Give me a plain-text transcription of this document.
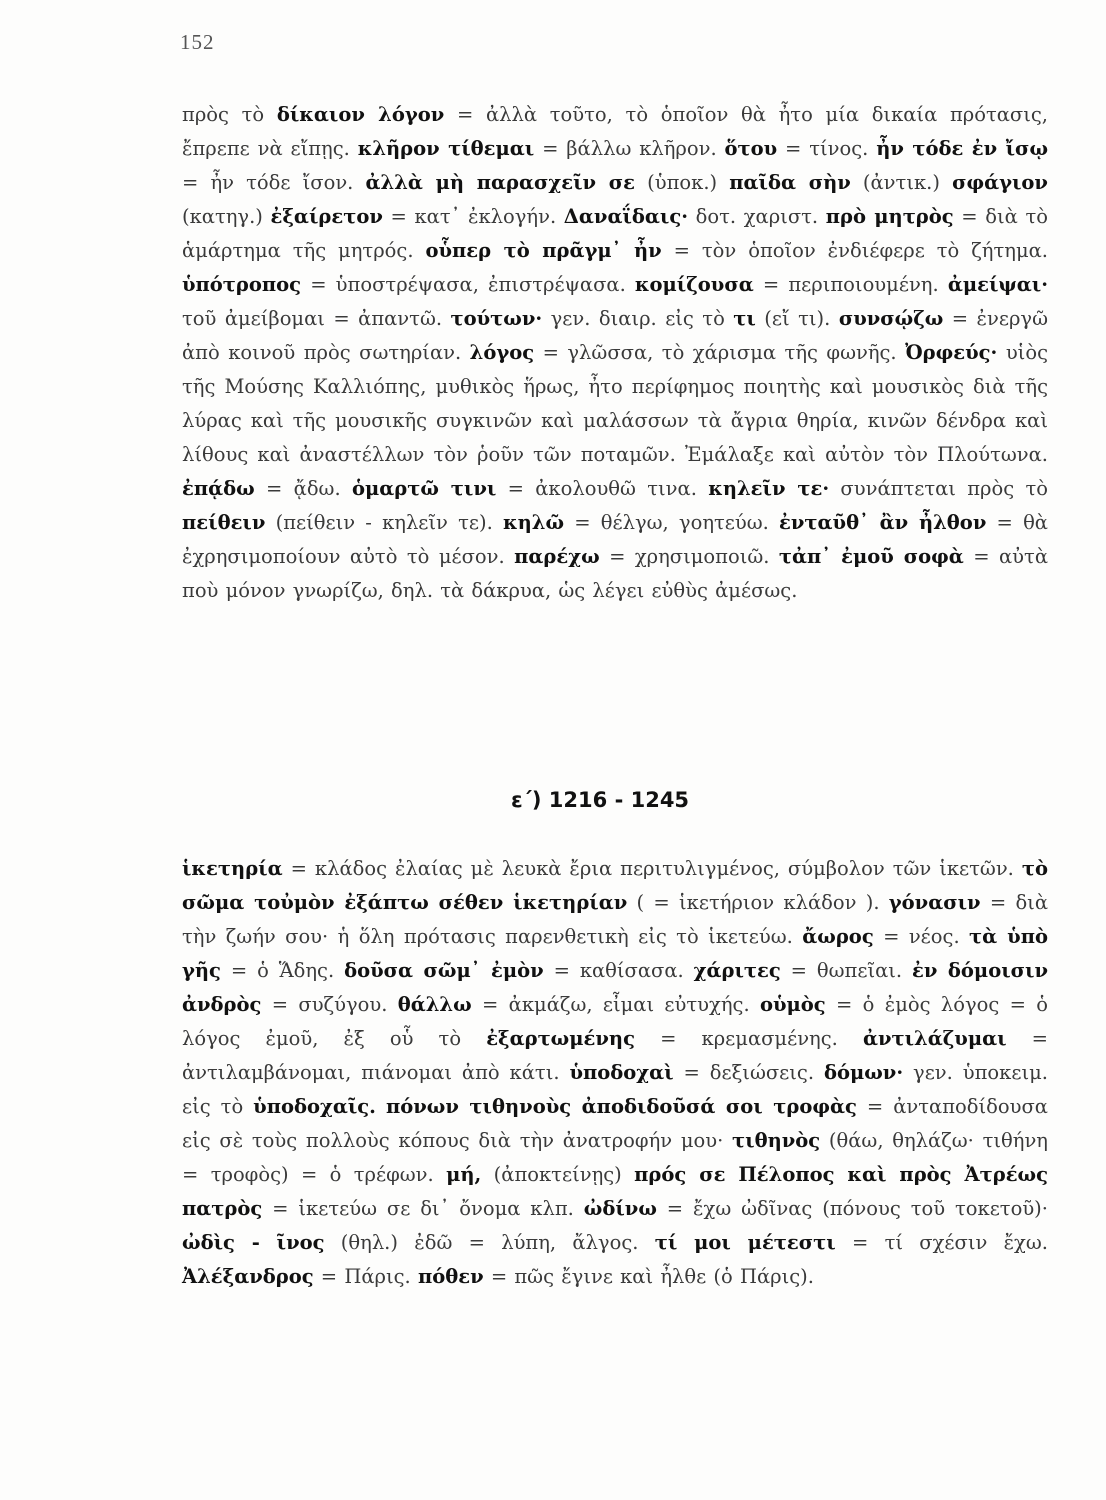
152
πρὸς τὸ δίκαιον λόγον = ἀλλὰ τοῦτο, τὸ ὁποῖον θὰ ἦτο μία δικαία πρότασις, ἔπρεπε νὰ εἴπῃς. κλῆρον τίθεμαι = βάλλω κλῆρον. ὅτου = τίνος. ἦν τόδε ἐν ἴσῳ = ἦν τόδε ἴσον. ἀλλὰ μὴ παρασχεῖν σε (ὑποκ.) παῖδα σὴν (ἀντικ.) σφάγιον (κατηγ.) ἐξαίρετον = κατ᾽ ἐκλογήν. Δαναΐδαις· δοτ. χαριστ. πρὸ μητρὸς = διὰ τὸ ἁμάρτημα τῆς μητρός. οὗπερ τὸ πρᾶγμ᾽ ἦν = τὸν ὁποῖον ἐνδιέφερε τὸ ζήτημα. ὑπότροπος = ὑποστρέψασα, ἐπιστρέψασα. κομίζουσα = περιποιουμένη. ἀμείψαι· τοῦ ἀμείβομαι = ἀπαντῶ. τούτων· γεν. διαιρ. εἰς τὸ τι (εἴ τι). συνσῴζω = ἐνεργῶ ἀπὸ κοινοῦ πρὸς σωτηρίαν. λόγος = γλῶσσα, τὸ χάρισμα τῆς φωνῆς. Ὀρφεύς· υἱὸς τῆς Μούσης Καλλιόπης, μυθικὸς ἥρως, ἦτο περίφημος ποιητὴς καὶ μουσικὸς διὰ τῆς λύρας καὶ τῆς μουσικῆς συγκινῶν καὶ μαλάσσων τὰ ἄγρια θηρία, κινῶν δένδρα καὶ λίθους καὶ ἀναστέλλων τὸν ῥοῦν τῶν ποταμῶν. Ἐμάλαξε καὶ αὐτὸν τὸν Πλούτωνα. ἐπᾴδω = ᾄδω. ὁμαρτῶ τινι = ἀκολουθῶ τινα. κηλεῖν τε· συνάπτεται πρὸς τὸ πείθειν (πείθειν - κηλεῖν τε). κηλῶ = θέλγω, γοητεύω. ἐνταῦθ᾽ ἂν ἦλθον = θὰ ἐχρησιμοποίουν αὐτὸ τὸ μέσον. παρέχω = χρησιμοποιῶ. τἀπ᾽ ἐμοῦ σοφὰ = αὐτὰ ποὺ μόνον γνωρίζω, δηλ. τὰ δάκρυα, ὡς λέγει εὐθὺς ἀμέσως.
ε΄) 1216 - 1245
ἱκετηρία = κλάδος ἐλαίας μὲ λευκὰ ἔρια περιτυλιγμένος, σύμβολον τῶν ἱκετῶν. τὸ σῶμα τοὐμὸν ἐξάπτω σέθεν ἱκετηρίαν ( = ἱκετήριον κλάδον ). γόνασιν = διὰ τὴν ζωήν σου· ἡ ὅλη πρότασις παρενθετικὴ εἰς τὸ ἱκετεύω. ἄωρος = νέος. τὰ ὑπὸ γῆς = ὁ Ἅδης. δοῦσα σῶμ᾽ ἐμὸν = καθίσασα. χάριτες = θωπεῖαι. ἐν δόμοισιν ἀνδρὸς = συζύγου. θάλλω = ἀκμάζω, εἶμαι εὐτυχής. οὑμὸς = ὁ ἐμὸς λόγος = ὁ λόγος ἐμοῦ, ἐξ οὗ τὸ ἐξαρτωμένης = κρεμασμένης. ἀντιλάζυμαι = ἀντιλαμβάνομαι, πιάνομαι ἀπὸ κάτι. ὑποδοχαὶ = δεξιώσεις. δόμων· γεν. ὑποκειμ. εἰς τὸ ὑποδοχαῖς. πόνων τιθηνοὺς ἀποδιδοῦσά σοι τροφὰς = ἀνταποδίδουσα εἰς σὲ τοὺς πολλοὺς κόπους διὰ τὴν ἀνατροφήν μου· τιθηνὸς (θάω, θηλάζω· τιθήνη = τροφὸς) = ὁ τρέφων. μή, (ἀποκτείνῃς) πρός σε Πέλοπος καὶ πρὸς Ἀτρέως πατρὸς = ἱκετεύω σε δι᾽ ὄνομα κλπ. ὠδίνω = ἔχω ὠδῖνας (πόνους τοῦ τοκετοῦ)· ὠδὶς - ῖνος (θηλ.) ἐδῶ = λύπη, ἄλγος. τί μοι μέτεστι = τί σχέσιν ἔχω. Ἀλέξανδρος = Πάρις. πόθεν = πῶς ἔγινε καὶ ἦλθε (ὁ Πάρις).
